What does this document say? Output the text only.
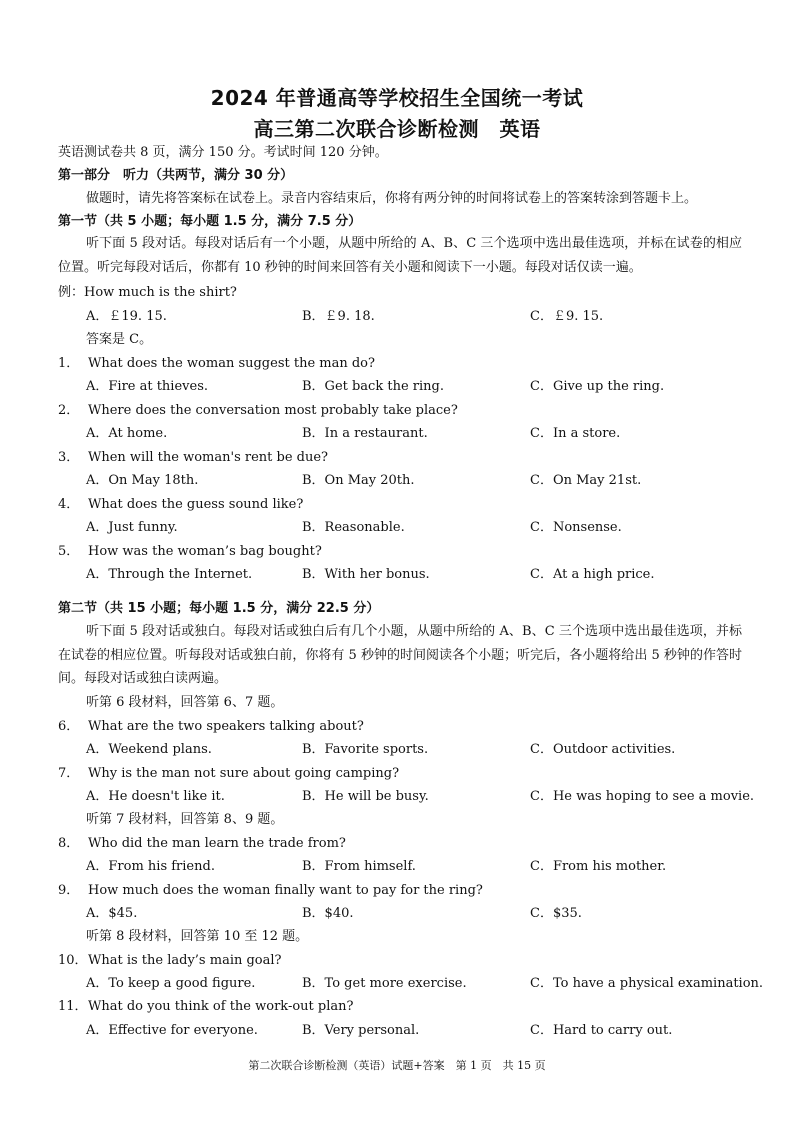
2024 年普通高等学校招生全国统一考试
高三第二次联合诊断检测　英语
英语测试卷共 8 页，满分 150 分。考试时间 120 分钟。
第一部分　听力（共两节，满分 30 分）
做题时，请先将答案标在试卷上。录音内容结束后，你将有两分钟的时间将试卷上的答案转涂到答题卡上。
第一节（共 5 小题；每小题 1.5 分，满分 7.5 分）
听下面 5 段对话。每段对话后有一个小题，从题中所给的 A、B、C 三个选项中选出最佳选项，并标在试卷的相应位置。听完每段对话后，你都有 10 秒钟的时间来回答有关小题和阅读下一小题。每段对话仅读一遍。
例：How much is the shirt?
A．￡19. 15.	B．￡9. 18.	C．￡9. 15.
答案是 C。
1． What does the woman suggest the man do?
A．Fire at thieves.	B．Get back the ring.	C．Give up the ring.
2． Where does the conversation most probably take place?
A．At home.	B．In a restaurant.	C．In a store.
3． When will the woman's rent be due?
A．On May 18th.	B．On May 20th.	C．On May 21st.
4． What does the guess sound like?
A．Just funny.	B．Reasonable.	C．Nonsense.
5． How was the woman’s bag bought?
A．Through the Internet.	B．With her bonus.	C．At a high price.
第二节（共 15 小题；每小题 1.5 分，满分 22.5 分）
听下面 5 段对话或独白。每段对话或独白后有几个小题，从题中所给的 A、B、C 三个选项中选出最佳选项，并标在试卷的相应位置。听每段对话或独白前，你将有 5 秒钟的时间阅读各个小题；听完后，各小题将给出 5 秒钟的作答时间。每段对话或独白读两遍。
听第 6 段材料，回答第 6、7 题。
6． What are the two speakers talking about?
A．Weekend plans.	B．Favorite sports.	C．Outdoor activities.
7． Why is the man not sure about going camping?
A．He doesn't like it.	B．He will be busy.	C．He was hoping to see a movie.
听第 7 段材料，回答第 8、9 题。
8． Who did the man learn the trade from?
A．From his friend.	B．From himself.	C．From his mother.
9． How much does the woman finally want to pay for the ring?
A．$45.	B．$40.	C．$35.
听第 8 段材料，回答第 10 至 12 题。
10．What is the lady’s main goal?
A．To keep a good figure.	B．To get more exercise.	C．To have a physical examination.
11．What do you think of the work-out plan?
A．Effective for everyone.	B．Very personal.	C．Hard to carry out.
第二次联合诊断检测（英语）试题+答案　第 1 页　共 15 页
